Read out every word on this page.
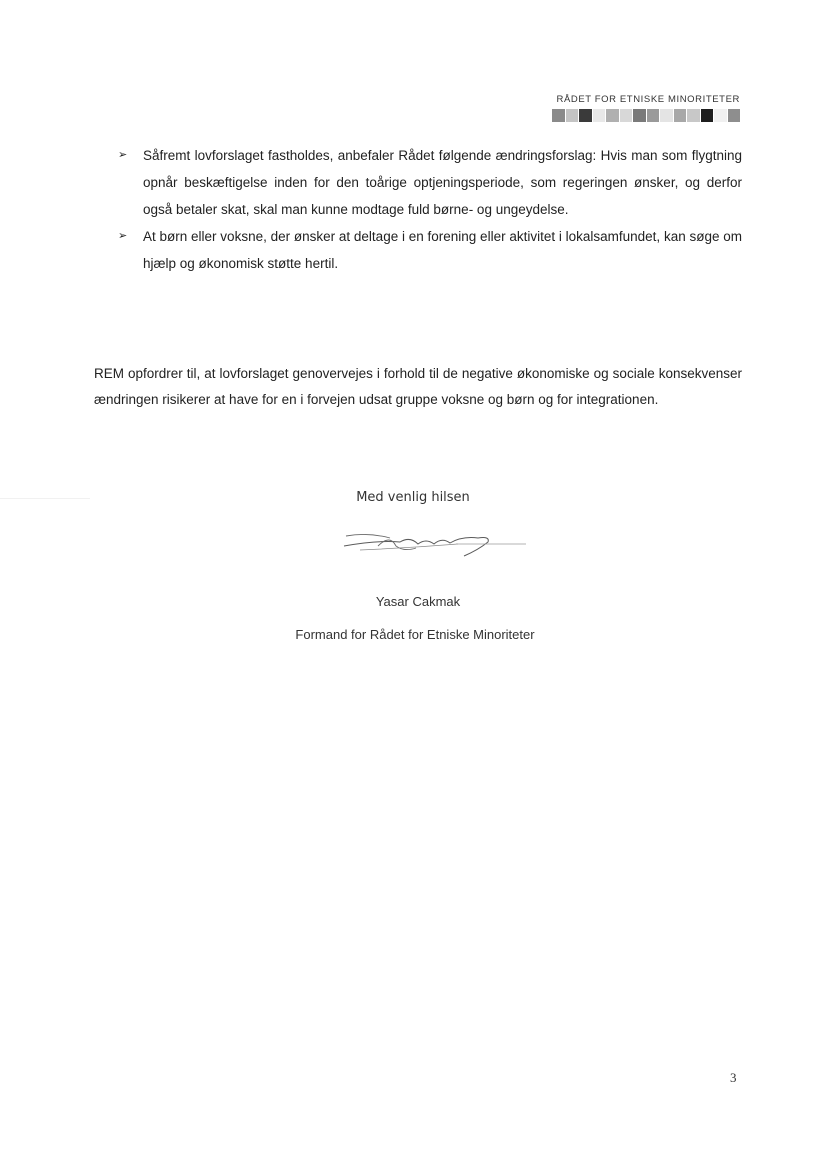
RÅDET FOR ETNISKE MINORITETER
➢ Såfremt lovforslaget fastholdes, anbefaler Rådet følgende ændringsforslag: Hvis man som flygtning opnår beskæftigelse inden for den toårige optjeningsperiode, som regeringen ønsker, og derfor også betaler skat, skal man kunne modtage fuld børne- og ungeydelse.
➢ At børn eller voksne, der ønsker at deltage i en forening eller aktivitet i lokalsamfundet, kan søge om hjælp og økonomisk støtte hertil.

REM opfordrer til, at lovforslaget genovervejes i forhold til de negative økonomiske og sociale konsekvenser ændringen risikerer at have for en i forvejen udsat gruppe voksne og børn og for integrationen.

Med venlig hilsen
Yasar Cakmak
Formand for Rådet for Etniske Minoriteter
3
